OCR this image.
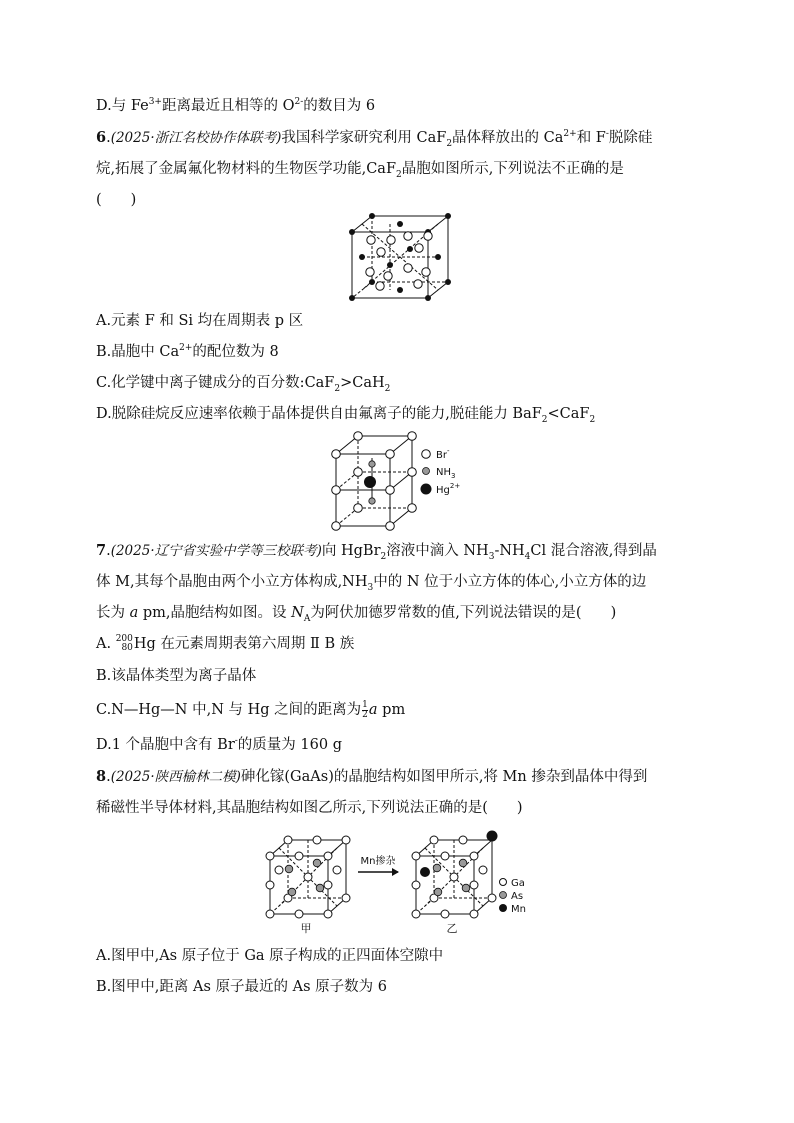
D.与 $Fe^{3+}$距离最近且相等的 $O^{2-}$的数目为 6
6.(2025·浙江名校协作体联考)我国科学家研究利用 CaF$_2$晶体释放出的 $Ca^{2+}$和 F-脱除硅
烷,拓展了金属氟化物材料的生物医学功能,CaF$_2$晶胞如图所示,下列说法不正确的是
(　　)
A.元素 F 和 Si 均在周期表 p 区
B.晶胞中 $Ca^{2+}$的配位数为 8
C.化学键中离子键成分的百分数:CaF$_2$>CaH$_2$
D.脱除硅烷反应速率依赖于晶体提供自由氟离子的能力,脱硅能力 BaF$_2$<CaF$_2$
Br-
$NH_3$
$Hg^{2+}$
7.(2025·辽宁省实验中学等三校联考)向 HgBr$_2$溶液中滴入 $NH_3-NH_4Cl$ 混合溶液,得到晶
体 M,其每个晶胞由两个小立方体构成$,NH_3$中的 N 位于小立方体的体心,小立方体的边
长为 a pm,晶胞结构如图。设 $N_A$为阿伏加德罗常数的值,下列说法错误的是(　　)
A. 200
80 Hg 在元素周期表第六周期 Ⅱ B 族
B.该晶体类型为离子晶体
C.N—Hg—N 中,N 与 Hg 之间的距离为 $\frac{1}{2}$ a pm
D.1 个晶胞中含有 Br-的质量为 160 g
8.(2025·陕西榆林二模)砷化镓(GaAs)的晶胞结构如图甲所示,将 Mn 掺杂到晶体中得到
稀磁性半导体材料,其晶胞结构如图乙所示,下列说法正确的是(　　)
Mn掺杂
Ga
As
Mn
甲	乙
A.图甲中,As 原子位于 Ga 原子构成的正四面体空隙中
B.图甲中,距离 As 原子最近的 As 原子数为 6
